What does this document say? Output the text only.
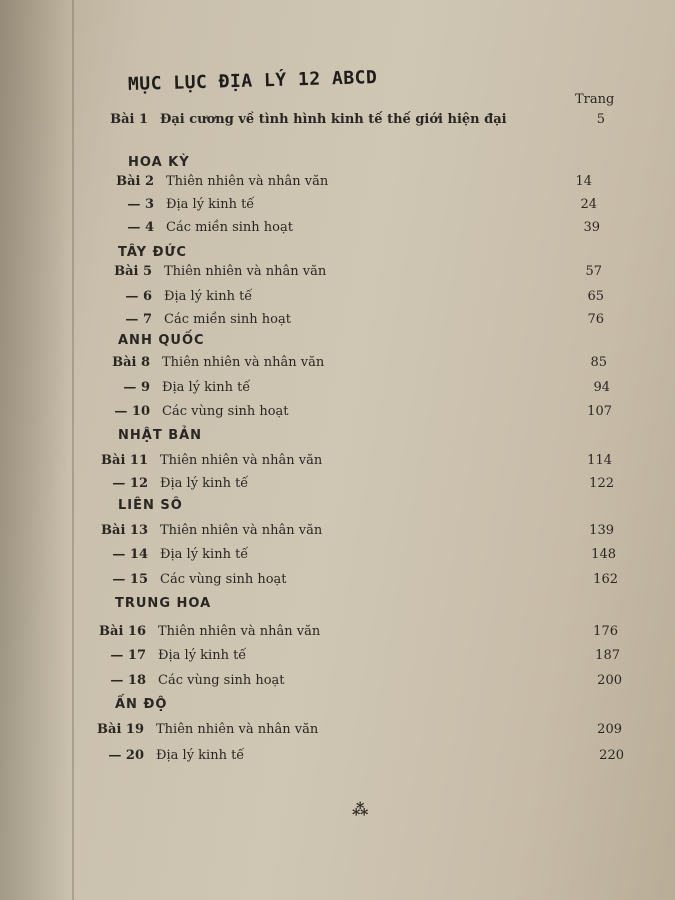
MỤC LỤC ĐỊA LÝ 12 ABCD
Trang
Bài 1 Đại cương về tình hình kinh tế thế giới hiện đại	5
HOA KỲ
Bài 2 Thiên nhiên và nhân văn	14
— 3 Địa lý kinh tế	24
— 4 Các miền sinh hoạt	39
TÂY ĐỨC
Bài 5 Thiên nhiên và nhân văn	57
— 6 Địa lý kinh tế	65
— 7 Các miền sinh hoạt	76
ANH QUỐC
Bài 8 Thiên nhiên và nhân văn	85
— 9 Địa lý kinh tế	94
— 10 Các vùng sinh hoạt	107
NHẬT BẢN
Bài 11 Thiên nhiên và nhân văn	114
— 12 Địa lý kinh tế	122
LIÊN SÔ
Bài 13 Thiên nhiên và nhân văn	139
— 14 Địa lý kinh tế	148
— 15 Các vùng sinh hoạt	162
TRUNG HOA
Bài 16 Thiên nhiên và nhân văn	176
— 17 Địa lý kinh tế	187
— 18 Các vùng sinh hoạt	200
ẤN ĐỘ
Bài 19 Thiên nhiên và nhân văn	209
— 20 Địa lý kinh tế	220
⁂
